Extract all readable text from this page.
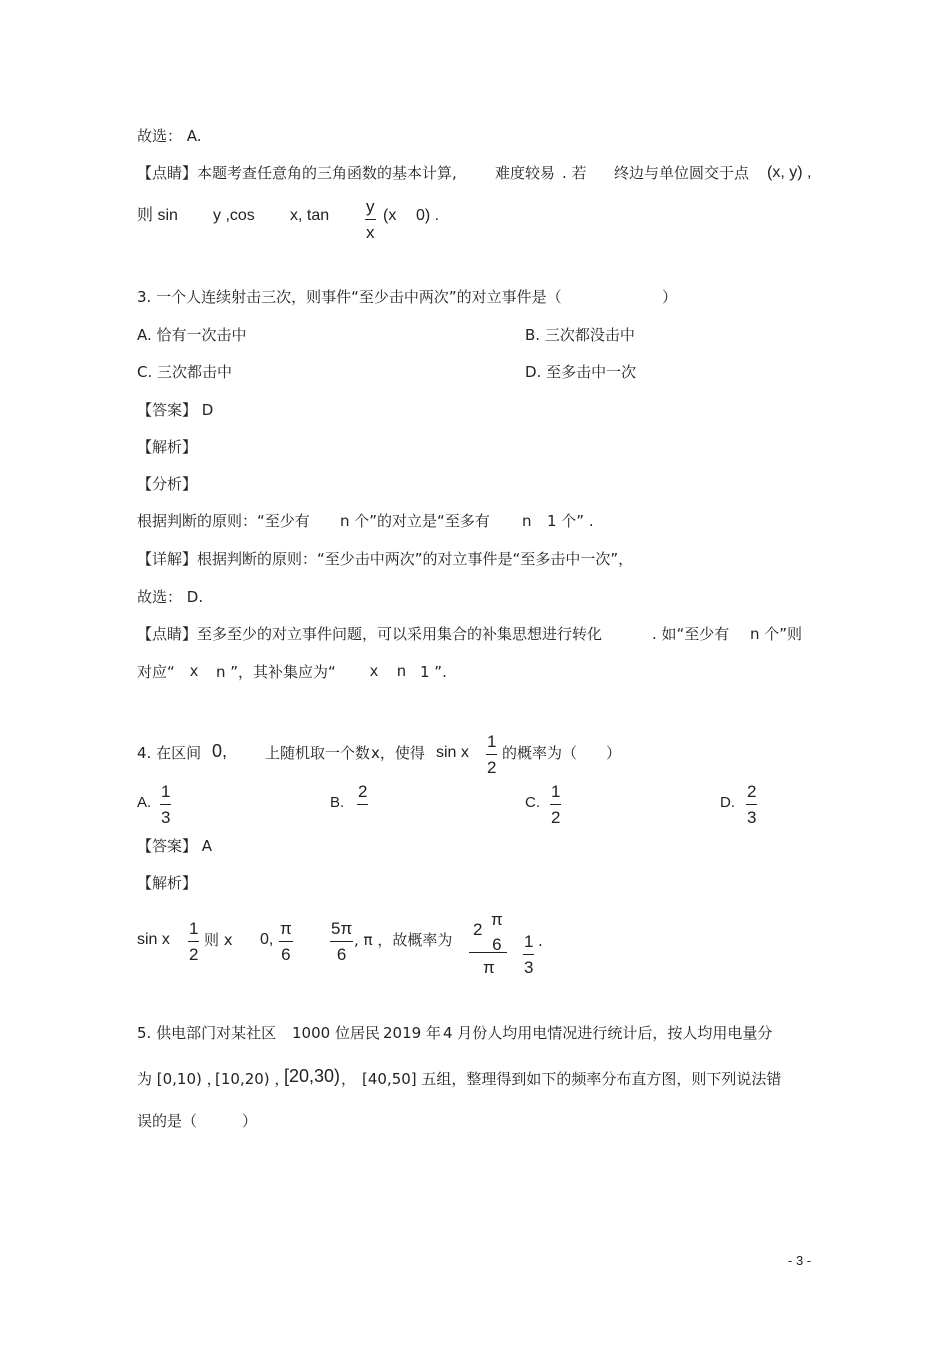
故选： A.
【点睛】本题考查任意角的三角函数的基本计算,	难度较易 . 若 终边与单位圆交于点 (x, y) ,
则 sin y ,cos x, $\tan \frac{y}{x} (x$ 0) .
3. 一个人连续射击三次，则事件“至少击中两次”的对立事件是（	）
A. 恰有一次击中	B. 三次都没击中
C. 三次都击中	D. 至多击中一次
【答案】 D
【解析】
【分析】
根据判断的原则：“至少有 n 个”的对立是“至多有 n 1 个” .
【详解】根据判断的原则：“至少击中两次”的对立事件是“至多击中一次”，
故选： D.
【点睛】至多至少的对立事件问题，可以采用集合的补集思想进行转化	. 如“至少有 n 个”则
对应“ x n ”，其补集应为“ x n 1 ”.
4. 在区间 0,	上随机取一个数 x，使得 sin x $\frac{1}{2}$ 的概率为（ ）
A. $\frac{1}{3}$	B.
2
C. $\frac{1}{2}$	D. $\frac{2}{3}$
【答案】 A
【解析】
sin x $\frac{1}{2}$ 则 x 0, $\frac{\pi}{6} \frac{5\pi}{6}$ , π ，故概率为
2
π
6
π $\frac{1}{3}$ .
5. 供电部门对某社区 1000 位居民 2019 年 4 月份人均用电情况进行统计后，按人均用电量分
为 [0,10) ，
[10,20) ，
[20,30) ， [40,50] 五组，整理得到如下的频率分布直方图，则下列说法错
误的是（	）
- 3 -
